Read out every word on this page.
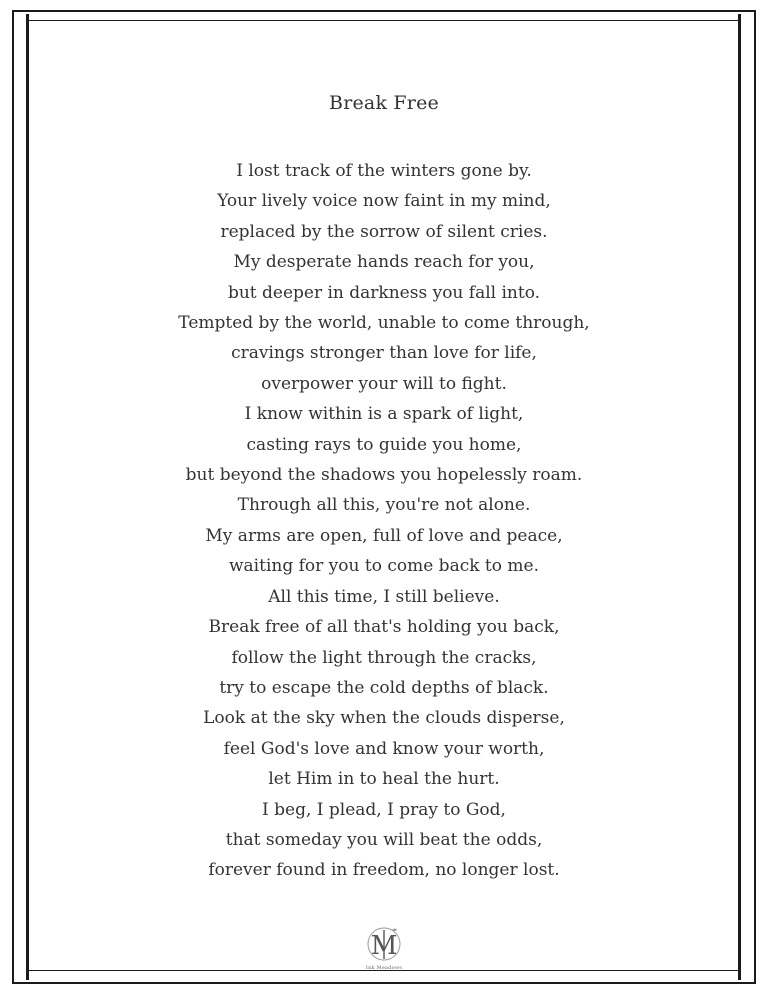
Break Free
I lost track of the winters gone by.
Your lively voice now faint in my mind,
replaced by the sorrow of silent cries.
My desperate hands reach for you,
but deeper in darkness you fall into.
Tempted by the world, unable to come through,
cravings stronger than love for life,
overpower your will to fight.
I know within is a spark of light,
casting rays to guide you home,
but beyond the shadows you hopelessly roam.
Through all this, you're not alone.
My arms are open, full of love and peace,
waiting for you to come back to me.
All this time, I still believe.
Break free of all that's holding you back,
follow the light through the cracks,
try to escape the cold depths of black.
Look at the sky when the clouds disperse,
feel God's love and know your worth,
let Him in to heal the hurt.
I beg, I plead, I pray to God,
that someday you will beat the odds,
forever found in freedom, no longer lost.
M
Ink Meadows
